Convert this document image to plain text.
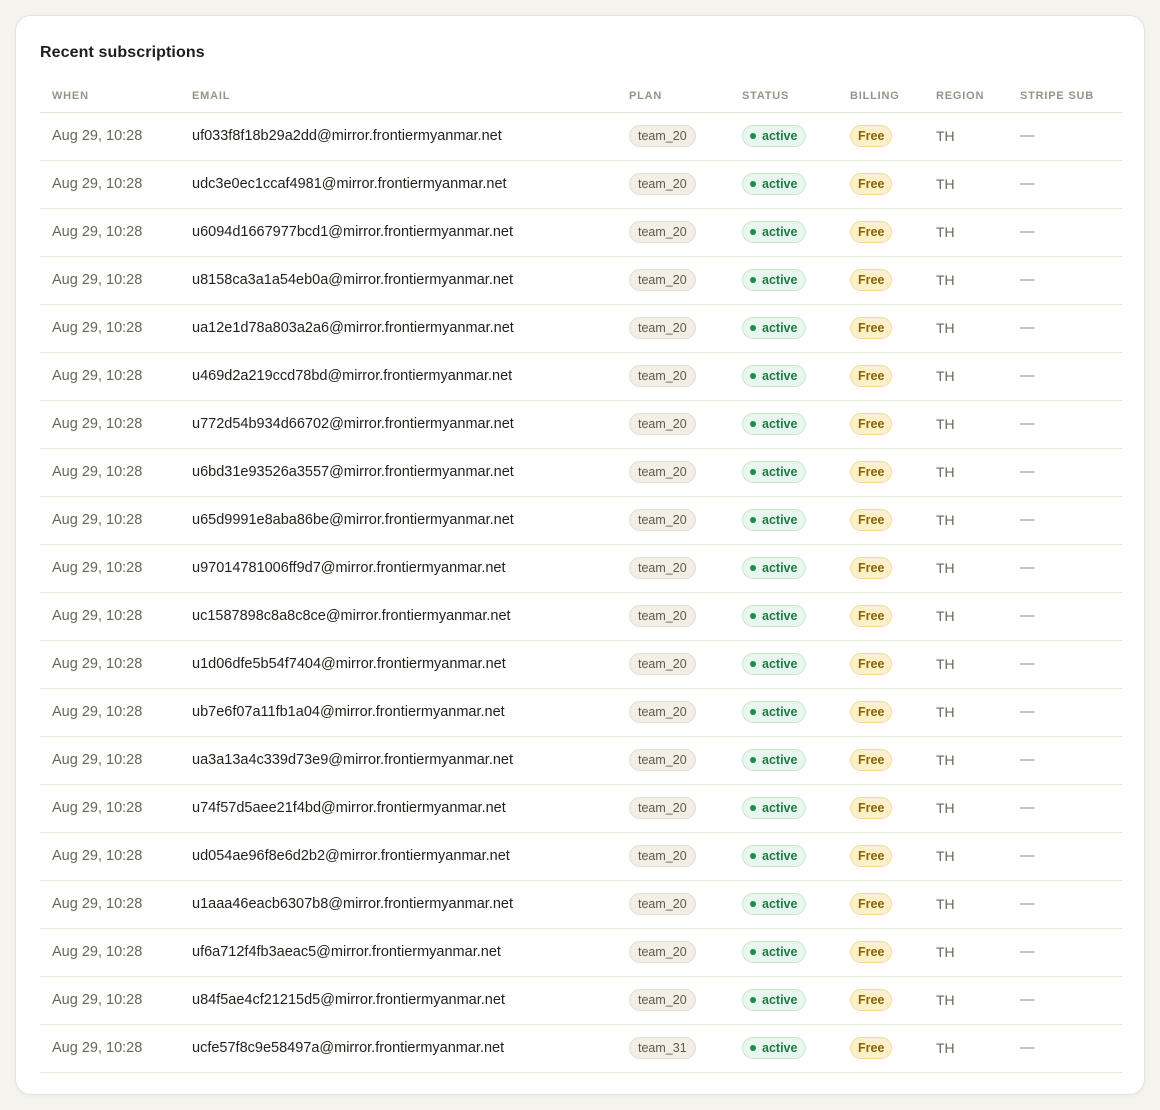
Recent subscriptions
WHEN	EMAIL	PLAN	STATUS	BILLING	REGION	STRIPE SUB
Aug 29, 10:28	uf033f8f18b29a2dd@mirror.frontiermyanmar.net	team_20	active	Free	TH	—
Aug 29, 10:28	udc3e0ec1ccaf4981@mirror.frontiermyanmar.net	team_20	active	Free	TH	—
Aug 29, 10:28	u6094d1667977bcd1@mirror.frontiermyanmar.net	team_20	active	Free	TH	—
Aug 29, 10:28	u8158ca3a1a54eb0a@mirror.frontiermyanmar.net	team_20	active	Free	TH	—
Aug 29, 10:28	ua12e1d78a803a2a6@mirror.frontiermyanmar.net	team_20	active	Free	TH	—
Aug 29, 10:28	u469d2a219ccd78bd@mirror.frontiermyanmar.net	team_20	active	Free	TH	—
Aug 29, 10:28	u772d54b934d66702@mirror.frontiermyanmar.net	team_20	active	Free	TH	—
Aug 29, 10:28	u6bd31e93526a3557@mirror.frontiermyanmar.net	team_20	active	Free	TH	—
Aug 29, 10:28	u65d9991e8aba86be@mirror.frontiermyanmar.net	team_20	active	Free	TH	—
Aug 29, 10:28	u97014781006ff9d7@mirror.frontiermyanmar.net	team_20	active	Free	TH	—
Aug 29, 10:28	uc1587898c8a8c8ce@mirror.frontiermyanmar.net	team_20	active	Free	TH	—
Aug 29, 10:28	u1d06dfe5b54f7404@mirror.frontiermyanmar.net	team_20	active	Free	TH	—
Aug 29, 10:28	ub7e6f07a11fb1a04@mirror.frontiermyanmar.net	team_20	active	Free	TH	—
Aug 29, 10:28	ua3a13a4c339d73e9@mirror.frontiermyanmar.net	team_20	active	Free	TH	—
Aug 29, 10:28	u74f57d5aee21f4bd@mirror.frontiermyanmar.net	team_20	active	Free	TH	—
Aug 29, 10:28	ud054ae96f8e6d2b2@mirror.frontiermyanmar.net	team_20	active	Free	TH	—
Aug 29, 10:28	u1aaa46eacb6307b8@mirror.frontiermyanmar.net	team_20	active	Free	TH	—
Aug 29, 10:28	uf6a712f4fb3aeac5@mirror.frontiermyanmar.net	team_20	active	Free	TH	—
Aug 29, 10:28	u84f5ae4cf21215d5@mirror.frontiermyanmar.net	team_20	active	Free	TH	—
Aug 29, 10:28	ucfe57f8c9e58497a@mirror.frontiermyanmar.net	team_31	active	Free	TH	—
